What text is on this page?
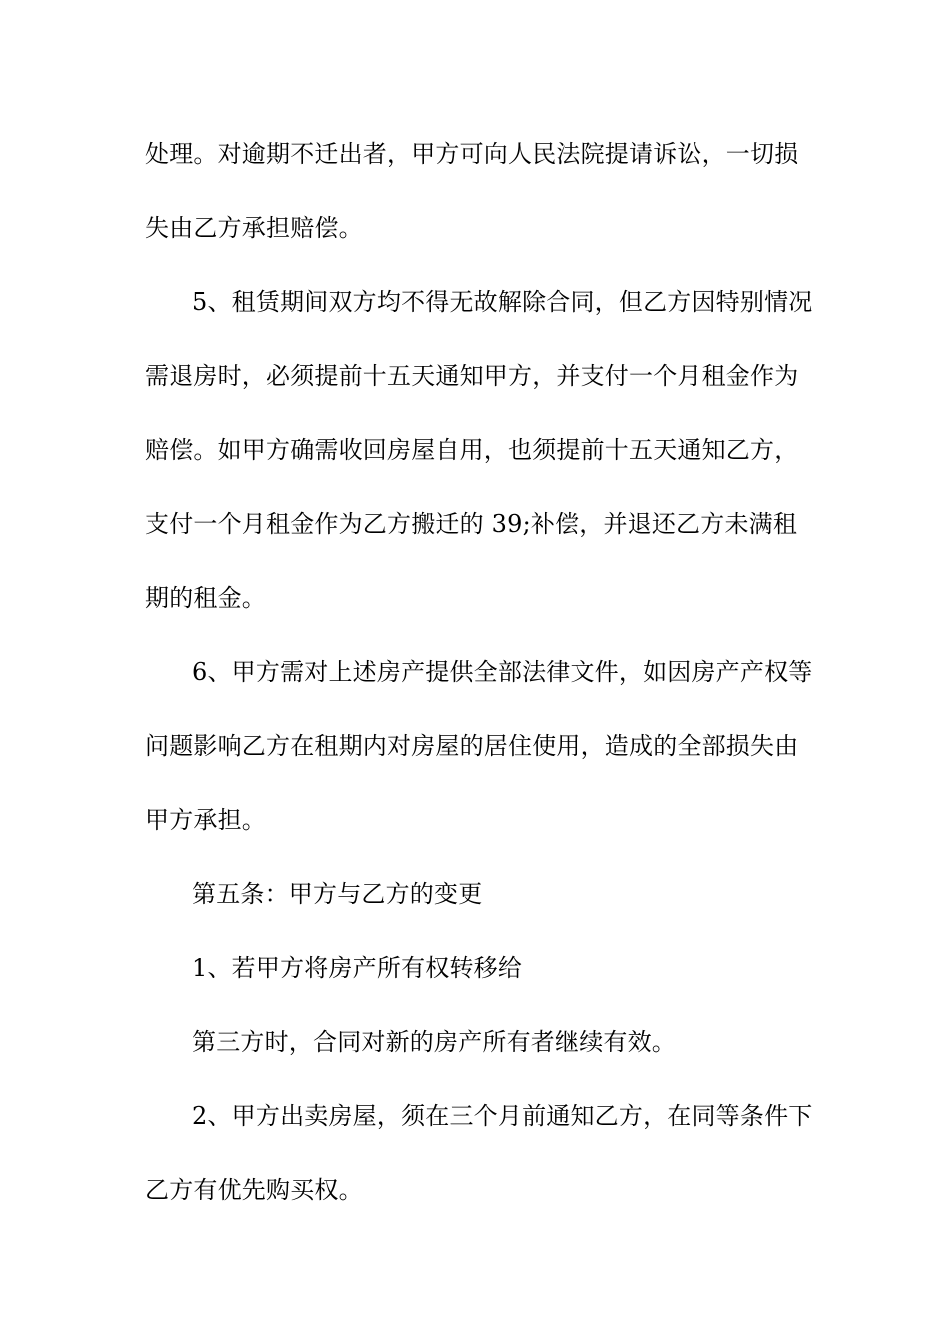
处理。对逾期不迁出者，甲方可向人民法院提请诉讼，一切损
失由乙方承担赔偿。
5、租赁期间双方均不得无故解除合同，但乙方因特别情况
需退房时，必须提前十五天通知甲方，并支付一个月租金作为
赔偿。如甲方确需收回房屋自用，也须提前十五天通知乙方，
支付一个月租金作为乙方搬迁的 39;补偿，并退还乙方未满租
期的租金。
6、甲方需对上述房产提供全部法律文件，如因房产产权等
问题影响乙方在租期内对房屋的居住使用，造成的全部损失由
甲方承担。
第五条：甲方与乙方的变更
1、若甲方将房产所有权转移给
第三方时，合同对新的房产所有者继续有效。
2、甲方出卖房屋，须在三个月前通知乙方，在同等条件下
乙方有优先购买权。
